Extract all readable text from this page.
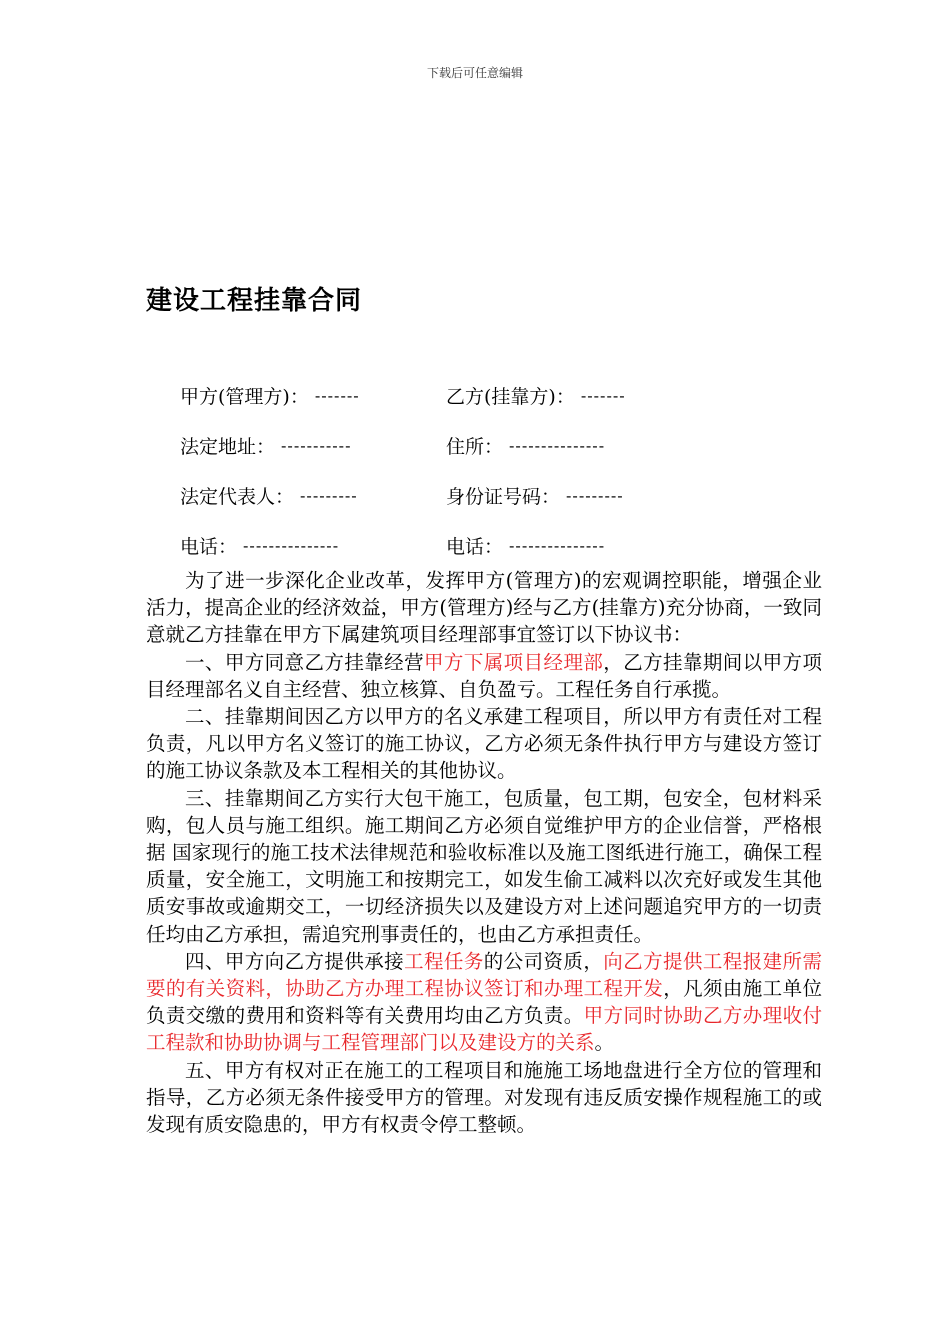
下载后可任意编辑
建设工程挂靠合同
甲方(管理方)： -------	乙方(挂靠方)： -------
法定地址： -----------	住所： ---------------
法定代表人： ---------	身份证号码： ---------
电话： ---------------	电话： ---------------

为了进一步深化企业改革，发挥甲方(管理方)的宏观调控职能，增强企业活力，提高企业的经济效益，甲方(管理方)经与乙方(挂靠方)充分协商，一致同意就乙方挂靠在甲方下属建筑项目经理部事宜签订以下协议书：

一、甲方同意乙方挂靠经营甲方下属项目经理部，乙方挂靠期间以甲方项目经理部名义自主经营、独立核算、自负盈亏。工程任务自行承揽。

二、挂靠期间因乙方以甲方的名义承建工程项目，所以甲方有责任对工程负责，凡以甲方名义签订的施工协议，乙方必须无条件执行甲方与建设方签订的施工协议条款及本工程相关的其他协议。

三、挂靠期间乙方实行大包干施工，包质量，包工期，包安全，包材料采购，包人员与施工组织。施工期间乙方必须自觉维护甲方的企业信誉，严格根据 国家现行的施工技术法律规范和验收标准以及施工图纸进行施工，确保工程质量，安全施工，文明施工和按期完工，如发生偷工减料以次充好或发生其他质安事故或逾期交工，一切经济损失以及建设方对上述问题追究甲方的一切责任均由乙方承担，需追究刑事责任的，也由乙方承担责任。

四、甲方向乙方提供承接工程任务的公司资质，向乙方提供工程报建所需要的有关资料，协助乙方办理工程协议签订和办理工程开发，凡须由施工单位负责交缴的费用和资料等有关费用均由乙方负责。甲方同时协助乙方办理收付工程款和协助协调与工程管理部门以及建设方的关系。

五、甲方有权对正在施工的工程项目和施施工场地盘进行全方位的管理和指导，乙方必须无条件接受甲方的管理。对发现有违反质安操作规程施工的或发现有质安隐患的，甲方有权责令停工整顿。
